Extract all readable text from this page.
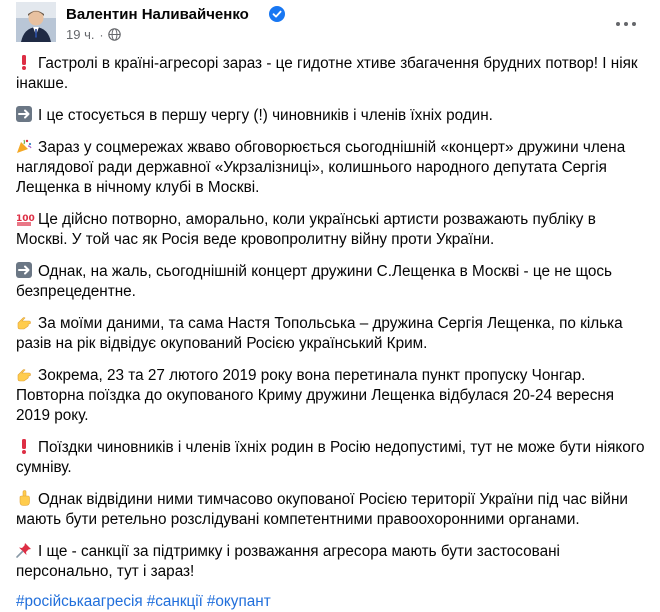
Валентин Наливайченко
19 ч. ·

Гастролі в країні-агресорі зараз - це гидотне хтиве збагачення брудних потвор! І ніяк інакше.

І це стосується в першу чергу (!) чиновників і членів їхніх родин.

Зараз у соцмережах жваво обговорюється сьогоднішній «концерт» дружини члена наглядової ради державної «Укрзалізниці», колишнього народного депутата Сергія Лещенка в нічному клубі в Москві.

100 Це дійсно потворно, аморально, коли українські артисти розважають публіку в Москві. У той час як Росія веде кровопролитну війну проти України.

Однак, на жаль, сьогоднішній концерт дружини С.Лещенка в Москві - це не щось безпрецедентне.

За моїми даними, та сама Настя Топольська – дружина Сергія Лещенка, по кілька разів на рік відвідує окупований Росією український Крим.

Зокрема, 23 та 27 лютого 2019 року вона перетинала пункт пропуску Чонгар. Повторна поїздка до окупованого Криму дружини Лещенка відбулася 20-24 вересня 2019 року.

Поїздки чиновників і членів їхніх родин в Росію недопустимі, тут не може бути ніякого сумніву.

Однак відвідини ними тимчасово окупованої Росією території України під час війни мають бути ретельно розслідувані компетентними правоохоронними органами.

І ще - санкції за підтримку і розважання агресора мають бути застосовані персонально, тут і зараз!

#російськаагресія #санкції #окупант
